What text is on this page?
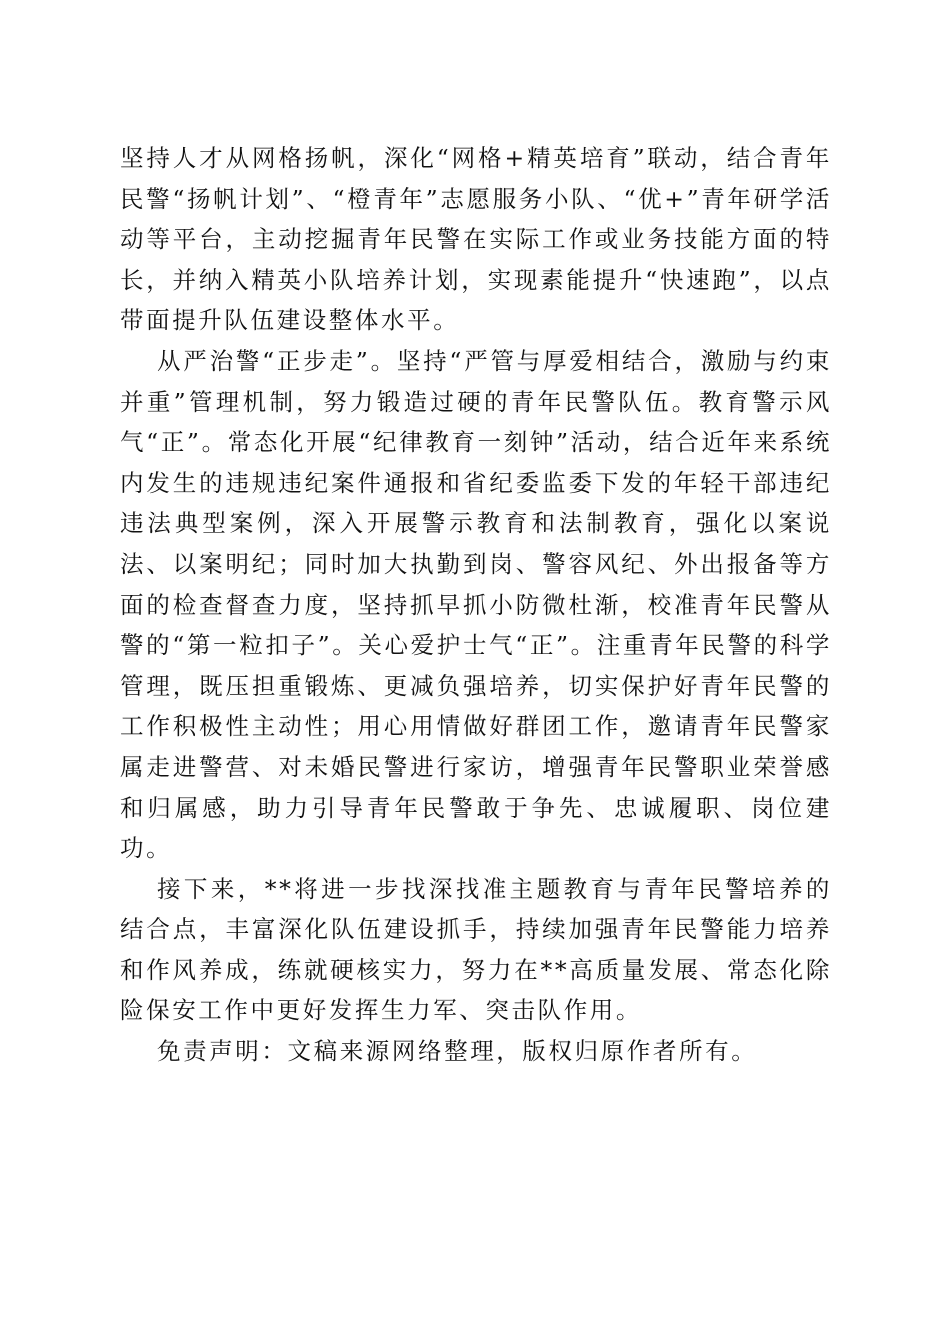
坚持人才从网格扬帆，深化“网格+精英培育”联动，结合青年民警“扬帆计划”、“橙青年”志愿服务小队、“优+”青年研学活动等平台，主动挖掘青年民警在实际工作或业务技能方面的特长，并纳入精英小队培养计划，实现素能提升“快速跑”，以点带面提升队伍建设整体水平。

从严治警“正步走”。坚持“严管与厚爱相结合，激励与约束并重”管理机制，努力锻造过硬的青年民警队伍。教育警示风气“正”。常态化开展“纪律教育一刻钟”活动，结合近年来系统内发生的违规违纪案件通报和省纪委监委下发的年轻干部违纪违法典型案例，深入开展警示教育和法制教育，强化以案说法、以案明纪；同时加大执勤到岗、警容风纪、外出报备等方面的检查督查力度，坚持抓早抓小防微杜渐，校准青年民警从警的“第一粒扣子”。关心爱护士气“正”。注重青年民警的科学管理，既压担重锻炼、更减负强培养，切实保护好青年民警的工作积极性主动性；用心用情做好群团工作，邀请青年民警家属走进警营、对未婚民警进行家访，增强青年民警职业荣誉感和归属感，助力引导青年民警敢于争先、忠诚履职、岗位建功。

接下来，**将进一步找深找准主题教育与青年民警培养的结合点，丰富深化队伍建设抓手，持续加强青年民警能力培养和作风养成，练就硬核实力，努力在**高质量发展、常态化除险保安工作中更好发挥生力军、突击队作用。

免责声明：文稿来源网络整理，版权归原作者所有。
